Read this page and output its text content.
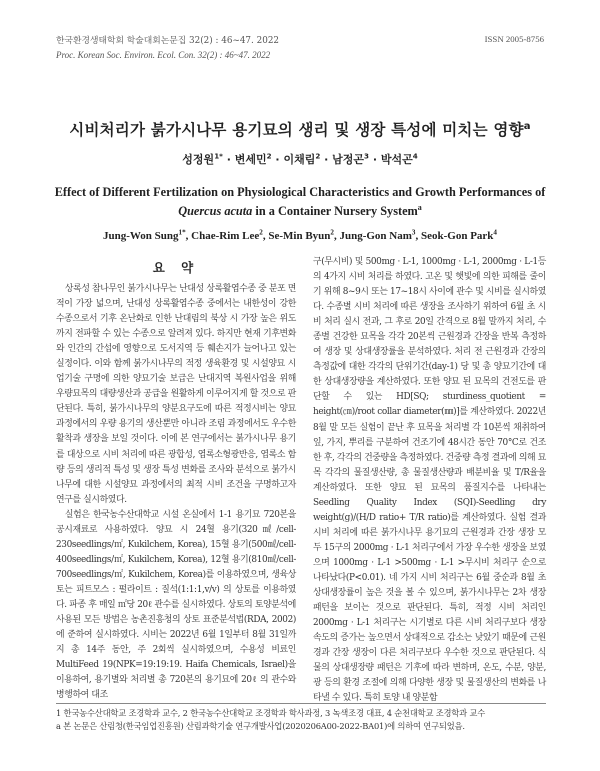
한국환경생태학회 학술대회논문집 32(2) : 46~47. 2022
Proc. Korean Soc. Environ. Ecol. Con. 32(2) : 46~47. 2022
ISSN 2005-8756
시비처리가 붉가시나무 용기묘의 생리 및 생장 특성에 미치는 영향$^a$
성정원$^{1*}$ · 변세민$^2$ · 이채림$^2$ · 남정곤$^3$ · 박석곤$^4$
Effect of Different Fertilization on Physiological Characteristics and Growth Performances of
Quercus acuta in a Container Nursery System$^a$
Jung-Won Sung$^{1*}$, Chae-Rim Lee$^2$, Se-Min Byun$^2$, Jung-Gon Nam$^3$, Seok-Gon Park$^4$
요 약

상록성 참나무인 붉가시나무는 난대성 상록활엽수종 중 분포 면적이 가장 넓으며, 난대성 상록활엽수종 중에서는 내한성이 강한 수종으로서 기후 온난화로 인한 난대림의 북상 시 가장 높은 위도까지 전파할 수 있는 수종으로 알려져 있다. 하지만 현재 기후변화와 인간의 간섭에 영향으로 도서지역 등 훼손지가 늘어나고 있는 실정이다. 이와 함께 붉가시나무의 적정 생육환경 및 시설양묘 시업기술 구명에 의한 양묘기술 보급은 난대지역 복원사업을 위해 우량묘목의 대량생산과 공급을 원활하게 이루어지게 할 것으로 판단된다. 특히, 붉가시나무의 양분요구도에 따른 적정시비는 양묘과정에서의 우량 용기의 생산뿐만 아니라 조림 과정에서도 우수한 활착과 생장을 보일 것이다. 이에 본 연구에서는 붉가시나무 용기를 대상으로 시비 처리에 따른 광합성, 엽록소형광반응, 엽록소 함량 등의 생리적 특성 및 생장 특성 변화를 조사와 분석으로 붉가시나무에 대한 시설양묘 과정에서의 최적 시비 조건을 구명하고자 연구를 실시하였다.

실험은 한국농수산대학교 시설 온실에서 1-1 용기묘 720본을 공시재료로 사용하였다. 양묘 시 24혈 용기(320㎖/cell-230seedlings/㎡, Kukilchem, Korea), 15혈 용기(500㎖/cell-400seedlings/㎡, Kukilchem, Korea), 12혈 용기(810㎖/cell-700seedlings/㎡, Kukilchem, Korea)를 이용하였으며, 생육상토는 피트모스 : 펄라이트 : 질석(1:1:1,v/v) 의 상토를 이용하였다. 파종 후 매일 ㎡당 20ℓ 관수를 실시하였다. 상토의 토양분석에 사용된 모든 방법은 농촌진흥청의 상토 표준분석법(RDA, 2002)에 준하여 실시하였다. 시비는 2022년 6월 1일부터 8월 31일까지 총 14주 동안, 주 2회씩 실시하였으며, 수용성 비료인 MultiFeed 19(NPK=19:19:19. Haifa Chemicals, Israel)을 이용하여, 용기별와 처리별 총 720본의 용기묘에 20ℓ 의 관수와 병행하여 대조

구(무시비) 및 500mg · L-1, 1000mg · L-1, 2000mg · L-1등의 4가지 시비 처리를 하였다. 고온 및 햇빛에 의한 피해를 줄이기 위해 8~9시 또는 17~18시 사이에 관수 및 시비를 실시하였다. 수종별 시비 처리에 따른 생장을 조사하기 위하여 6월 초 시비 처리 실시 전과, 그 후로 20일 간격으로 8월 말까지 처리, 수종별 건강한 묘목을 각각 20본씩 근원경과 간장을 반복 측정하여 생장 및 상대생장률을 분석하였다. 처리 전 근원경과 간장의 측정값에 대한 각각의 단위기간(day-1) 당 및 총 양묘기간에 대한 상대생장량을 계산하였다. 또한 양묘 된 묘목의 건전도를 판단할 수 있는 HD[SQ; sturdiness_quotient = height(㎝)/root collar diameter(㎜)]를 계산하였다. 2022년 8월 말 모든 실험이 끝난 후 묘목을 처리별 각 10본씩 채취하여 잎, 가지, 뿌리를 구분하여 건조기에 48시간 동안 70°C로 건조한 후, 각각의 건중량을 측정하였다. 건중량 측정 결과에 의해 묘목 각각의 물질생산량, 총 물질생산량과 배분비율 및 T/R율을 계산하였다. 또한 양묘 된 묘목의 품질지수를 나타내는 Seedling Quality Index (SQI)-Seedling dry weight(g)/(H/D ratio+ T/R ratio)를 계산하였다. 실험 결과 시비 처리에 따른 붉가시나무 용기묘의 근원경과 간장 생장 모두 15구의 2000mg · L-1 처리구에서 가장 우수한 생장을 보였으며 1000mg · L-1 >500mg · L-1 >무시비 처리구 순으로 나타났다(P<0.01). 네 가지 시비 처리구는 6월 중순과 8월 초 상대생장률이 높은 것을 볼 수 있으며, 붉가시나무는 2차 생장 패턴을 보이는 것으로 판단된다. 특히, 적정 시비 처리인 2000mg · L-1 처리구는 시기별로 다른 시비 처리구보다 생장 속도의 증가는 높으면서 상대적으로 감소는 낮았기 때문에 근원경과 간장 생장이 다른 처리구보다 우수한 것으로 판단된다. 식물의 상대생장량 패턴은 기후에 따라 변하며, 온도, 수분, 양분, 광 등의 환경 조절에 의해 다양한 생장 및 물질생산의 변화를 나타낼 수 있다. 특히 토양 내 양분함

1 한국농수산대학교 조경학과 교수, 2 한국농수산대학교 조경학과 학사과정, 3 녹색조경 대표, 4 순천대학교 조경학과 교수
a 본 논문은 산림청(한국임업진흥원) 산림과학기술 연구개발사업(2020206A00-2022-BA01)에 의하여 연구되었음.
